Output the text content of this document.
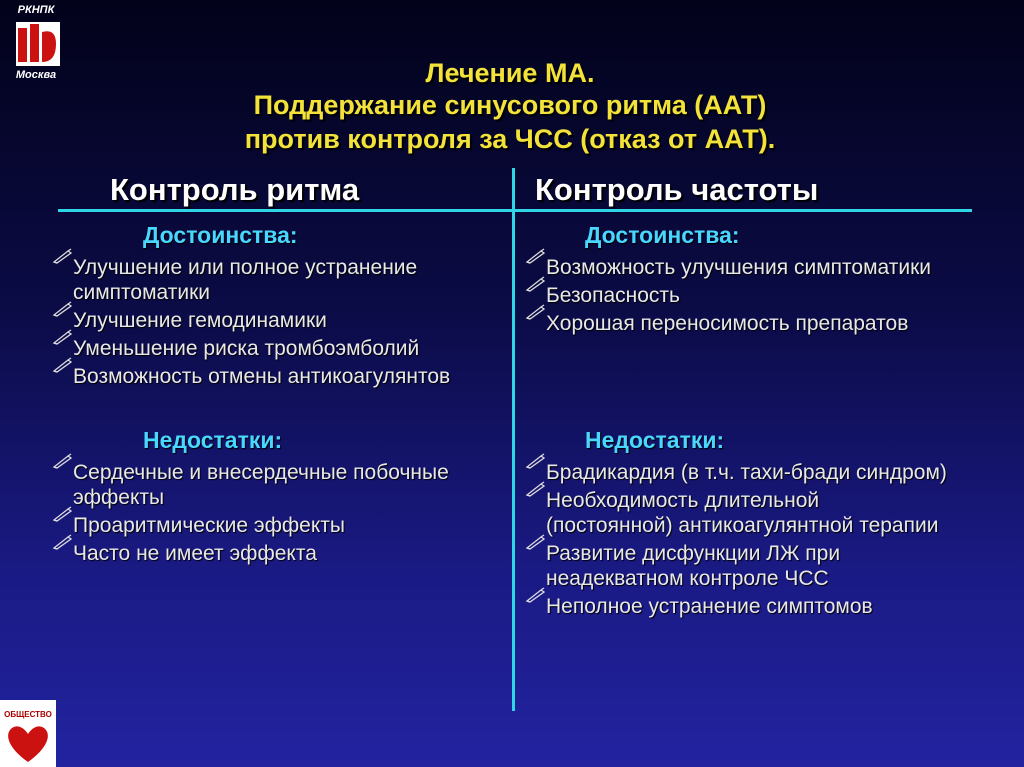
РКНПК
Москва
ОБЩЕСТВО
Лечение МА.
Поддержание синусового ритма (ААТ)
против контроля за ЧСС (отказ от ААТ).
Контроль ритма	Контроль частоты
Достоинства:
Улучшение или полное устранение симптоматики
Улучшение гемодинамики
Уменьшение риска тромбоэмболий
Возможность отмены антикоагулянтов
Недостатки:
Сердечные и внесердечные побочные эффекты
Проаритмические эффекты
Часто не имеет эффекта
Достоинства:
Возможность улучшения симптоматики
Безопасность
Хорошая переносимость препаратов
Недостатки:
Брадикардия (в т.ч. тахи-бради синдром)
Необходимость длительной (постоянной) антикоагулянтной терапии
Развитие дисфункции ЛЖ при неадекватном контроле ЧСС
Неполное устранение симптомов
